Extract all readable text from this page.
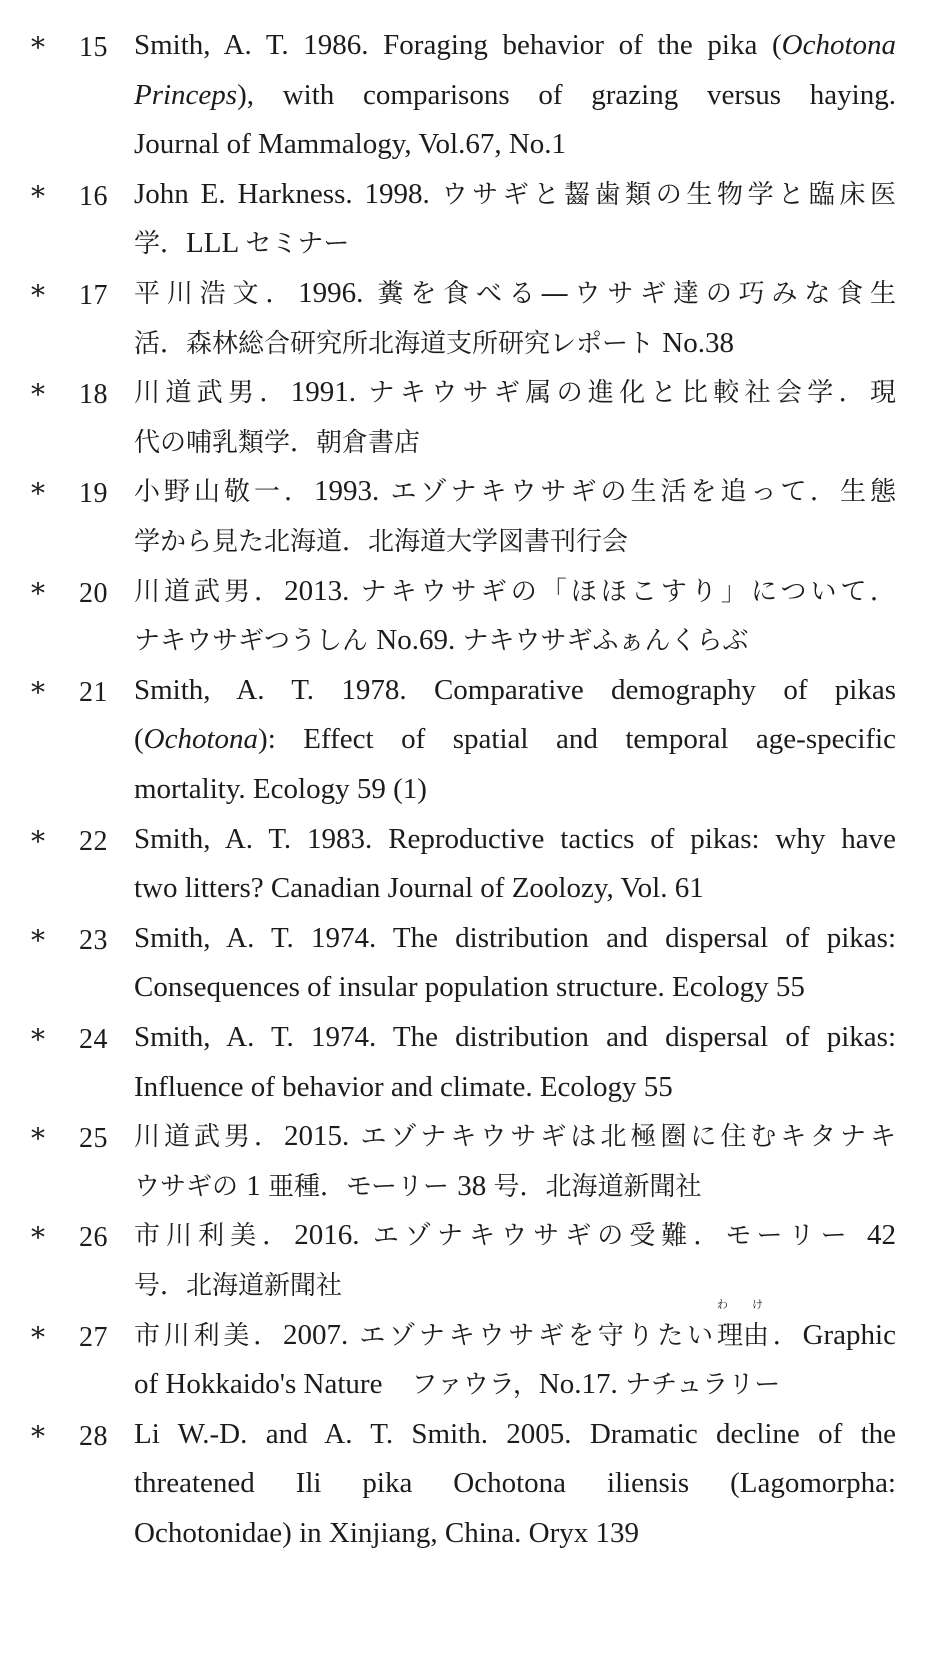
*	15 Smith, A. T. 1986. Foraging behavior of the pika (Ochotona
Princeps), with comparisons of grazing versus haying.
Journal of Mammalogy, Vol.67, No.1
*	16 John E. Harkness. 1998. ウサギと齧歯類の生物学と臨床医
学．LLL セミナー
*	17 平川浩文．1996. 糞を食べる―ウサギ達の巧みな食生
活．森林総合研究所北海道支所研究レポート No.38
*	18 川道武男．1991. ナキウサギ属の進化と比較社会学．現
代の哺乳類学．朝倉書店
*	19 小野山敬一．1993. エゾナキウサギの生活を追って．生態
学から見た北海道．北海道大学図書刊行会
*	20 川道武男．2013. ナキウサギの「ほほこすり」について．
ナキウサギつうしん No.69. ナキウサギふぁんくらぶ
*	21 Smith, A. T. 1978. Comparative demography of pikas
(Ochotona): Effect of spatial and temporal age-specific
mortality. Ecology 59 (1)
*	22 Smith, A. T. 1983. Reproductive tactics of pikas: why have
two litters? Canadian Journal of Zoolozy, Vol. 61
*	23 Smith, A. T. 1974. The distribution and dispersal of pikas:
Consequences of insular population structure. Ecology 55
*	24 Smith, A. T. 1974. The distribution and dispersal of pikas:
Influence of behavior and climate. Ecology 55
*	25 川道武男．2015. エゾナキウサギは北極圏に住むキタナキ
ウサギの 1 亜種．モーリー 38 号．北海道新聞社
*	26 市川利美．2016. エゾナキウサギの受難．モーリー 42
号．北海道新聞社
*	27 市川利美．2007. エゾナキウサギを守りたい
わけ
理由．Graphic
of Hokkaido's Nature　ファウラ，No.17. ナチュラリー
*	28 Li W.-D. and A. T. Smith. 2005. Dramatic decline of the
threatened Ili pika Ochotona iliensis (Lagomorpha:
Ochotonidae) in Xinjiang, China. Oryx 139
